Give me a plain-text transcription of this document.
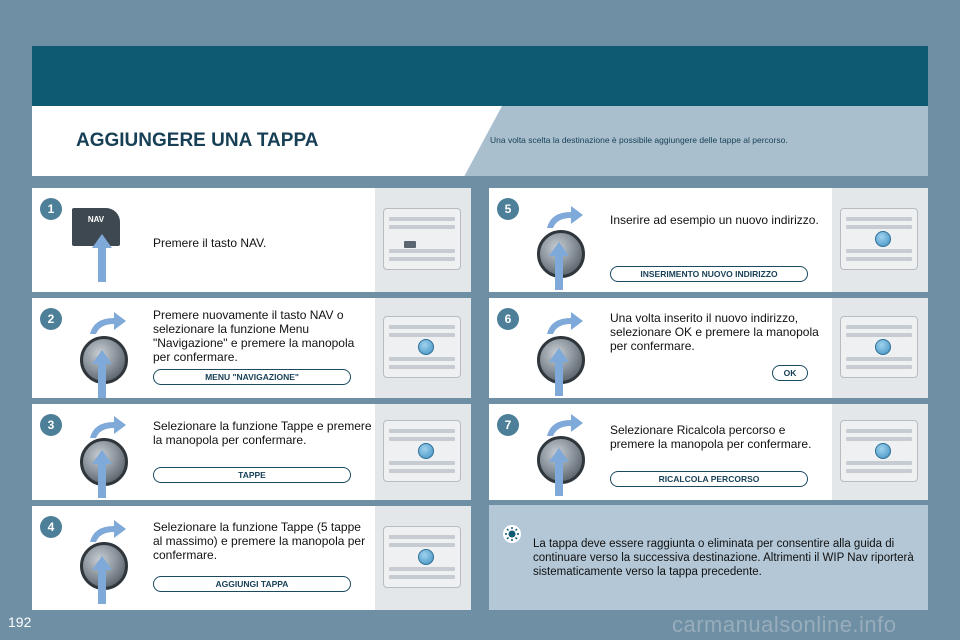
AGGIUNGERE UNA TAPPA	Una volta scelta la destinazione è possibile aggiungere delle tappe al percorso.

1
NAV

Premere il tasto NAV.

2	Premere nuovamente il tasto NAV o selezionare la funzione Menu "Navigazione" e premere la manopola per confermare.

MENU "NAVIGAZIONE"
3	Selezionare la funzione Tappe e premere la manopola per confermare.

TAPPE
4	Selezionare la funzione Tappe (5 tappe al massimo) e premere la manopola per confermare.

AGGIUNGI TAPPA
5

Inserire ad esempio un nuovo indirizzo.

INSERIMENTO NUOVO INDIRIZZO
6	Una volta inserito il nuovo indirizzo, selezionare OK e premere la manopola per confermare.

OK
7	Selezionare Ricalcola percorso e premere la manopola per confermare.

RICALCOLA PERCORSO

La tappa deve essere raggiunta o eliminata per consentire alla guida di continuare verso la successiva destinazione. Altrimenti il WIP Nav riporterà sistematicamente verso la tappa precedente.

192	carmanualsonline.info
